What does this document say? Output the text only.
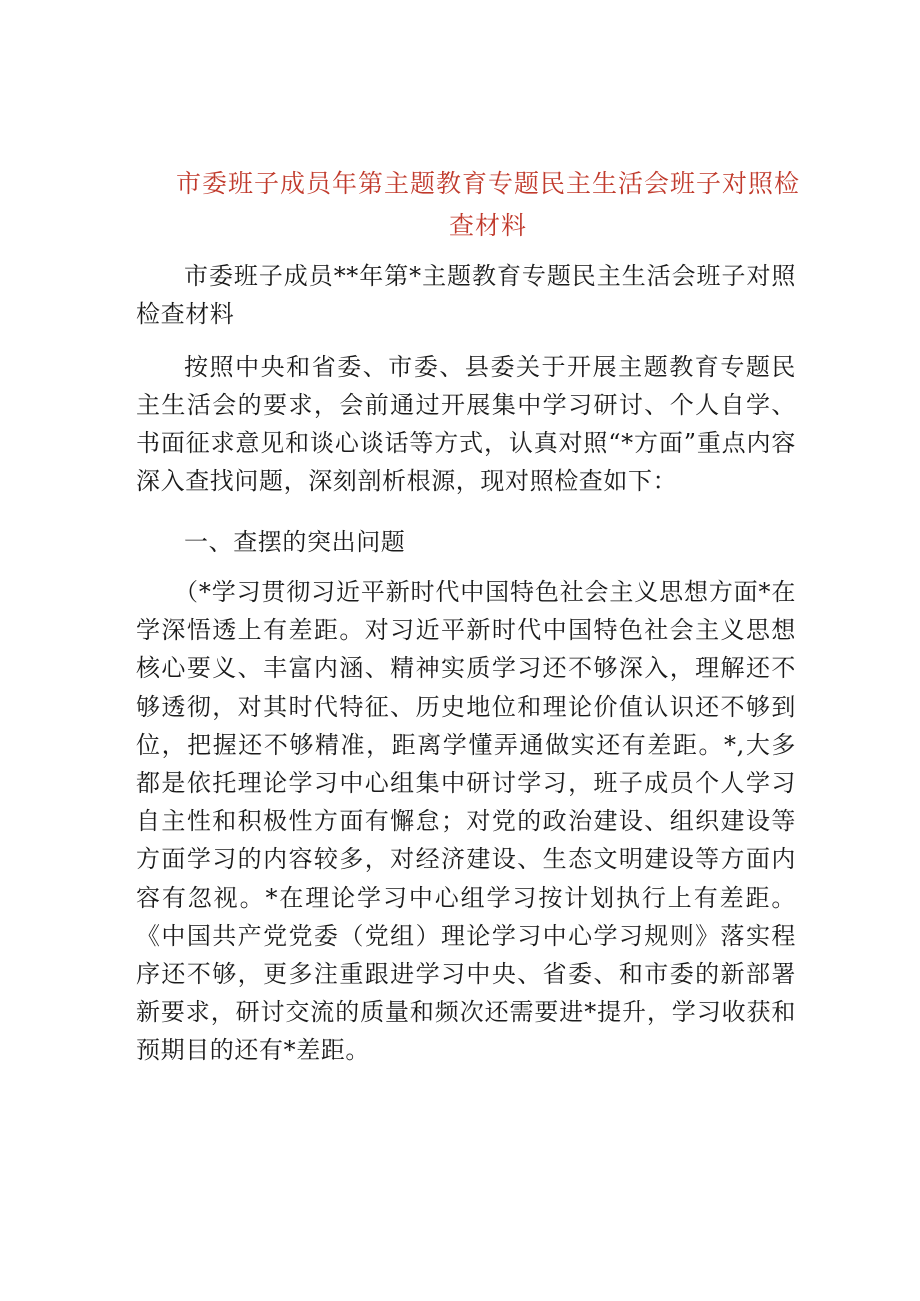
市委班子成员年第主题教育专题民主生活会班子对照检查材料

市委班子成员**年第*主题教育专题民主生活会班子对照检查材料

按照中央和省委、市委、县委关于开展主题教育专题民主生活会的要求，会前通过开展集中学习研讨、个人自学、书面征求意见和谈心谈话等方式，认真对照“*方面”重点内容深入查找问题，深刻剖析根源，现对照检查如下：

一、查摆的突出问题

（*学习贯彻习近平新时代中国特色社会主义思想方面*在学深悟透上有差距。对习近平新时代中国特色社会主义思想核心要义、丰富内涵、精神实质学习还不够深入，理解还不够透彻，对其时代特征、历史地位和理论价值认识还不够到位，把握还不够精准，距离学懂弄通做实还有差距。*,大多都是依托理论学习中心组集中研讨学习，班子成员个人学习自主性和积极性方面有懈怠；对党的政治建设、组织建设等方面学习的内容较多，对经济建设、生态文明建设等方面内容有忽视。*在理论学习中心组学习按计划执行上有差距。《中国共产党党委（党组）理论学习中心学习规则》落实程序还不够，更多注重跟进学习中央、省委、和市委的新部署新要求，研讨交流的质量和频次还需要进*提升，学习收获和预期目的还有*差距。
